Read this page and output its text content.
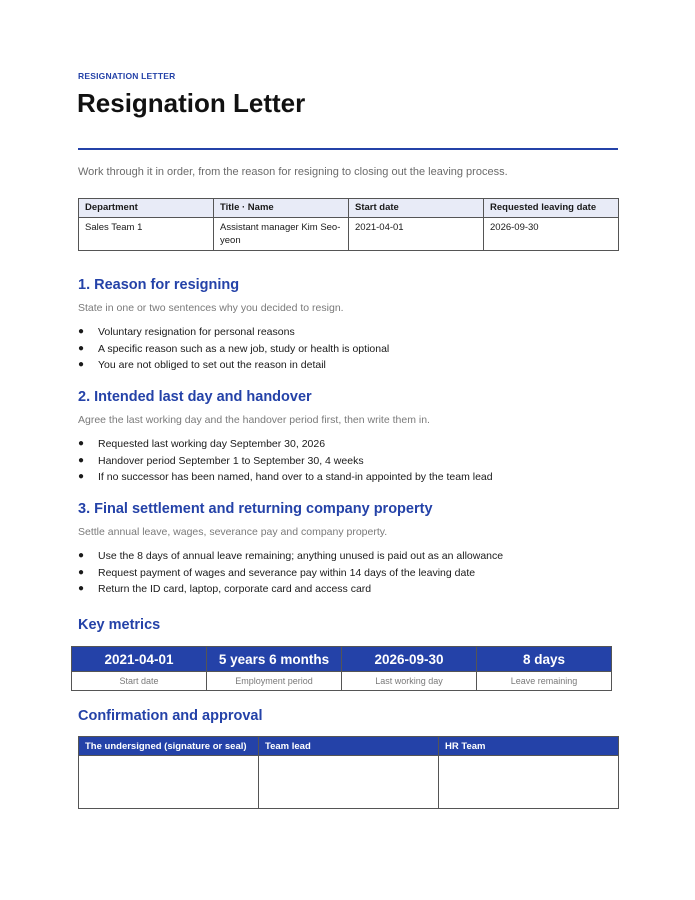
RESIGNATION LETTER
Resignation Letter
Work through it in order, from the reason for resigning to closing out the leaving process.
Department	Title · Name	Start date	Requested leaving date
Sales Team 1	Assistant manager Kim Seo-yeon	2021-04-01	2026-09-30
1. Reason for resigning
State in one or two sentences why you decided to resign.
● Voluntary resignation for personal reasons
● A specific reason such as a new job, study or health is optional
● You are not obliged to set out the reason in detail
2. Intended last day and handover
Agree the last working day and the handover period first, then write them in.
● Requested last working day September 30, 2026
● Handover period September 1 to September 30, 4 weeks
● If no successor has been named, hand over to a stand-in appointed by the team lead
3. Final settlement and returning company property
Settle annual leave, wages, severance pay and company property.
● Use the 8 days of annual leave remaining; anything unused is paid out as an allowance
● Request payment of wages and severance pay within 14 days of the leaving date
● Return the ID card, laptop, corporate card and access card
Key metrics
2021-04-01	5 years 6 months	2026-09-30	8 days
Start date	Employment period	Last working day	Leave remaining
Confirmation and approval
The undersigned (signature or seal)	Team lead	HR Team
